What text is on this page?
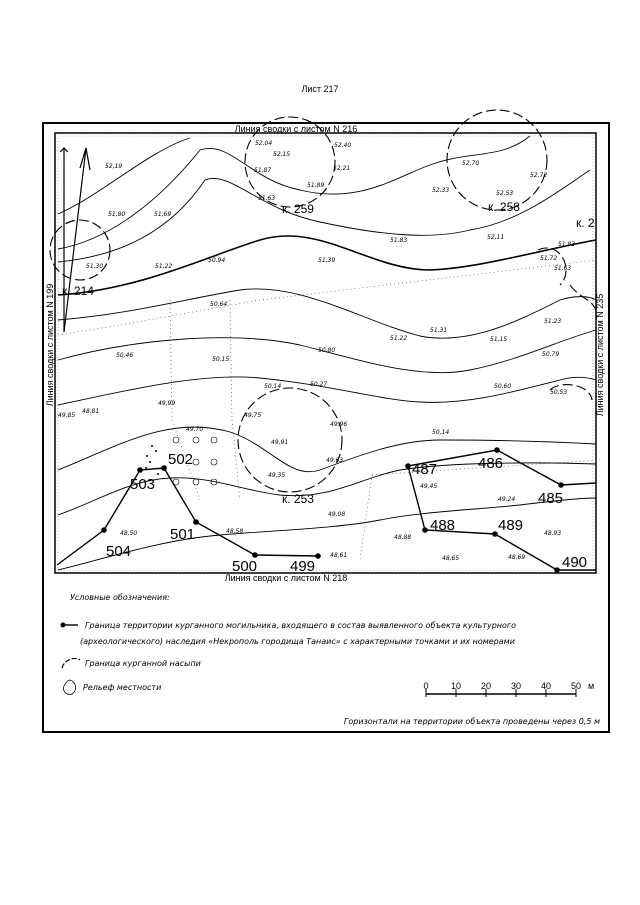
Лист 217
Линия сводки с листом N 216
Линия сводки с листом N 218
Линия сводки с листом N 199	Линия сводки с листом N 235
к. 259	к. 258
к. 2
к. 214
к. 253
502
503
501
504
500 499
487	486
485
488	489
490
52,04
52,15
52,40
52,19
51,87	52,21
52,70
52,72
51,63
51,89
52,33	52,53
51,80	51,69
52,11
51,83
51,30	51,22
50,94	51,39	51,72
51,63
51,83
50,64
51,23
50,46
50,15
51,22
51,31
51,15
50,80
50,79
50,14
50,27	50,60
50,53
49,85
48,81
49,99
49,75
49,96
49,70
49,91
50,14
49,63
49,35
49,45
49,24
48,50	48,58
49,08
48,88
48,93
48,65	48,69
48,61
Условные обозначения:
Граница территории курганного могильника, входящего в состав выявленного объекта культурного
(археологического) наследия «Некрополь городища Танаис» с характерными точками и их номерами
Граница курганной насыпи
Рельеф местности	0 10 20 30 40 50 м
Горизонтали на территории объекта проведены через 0,5 м
